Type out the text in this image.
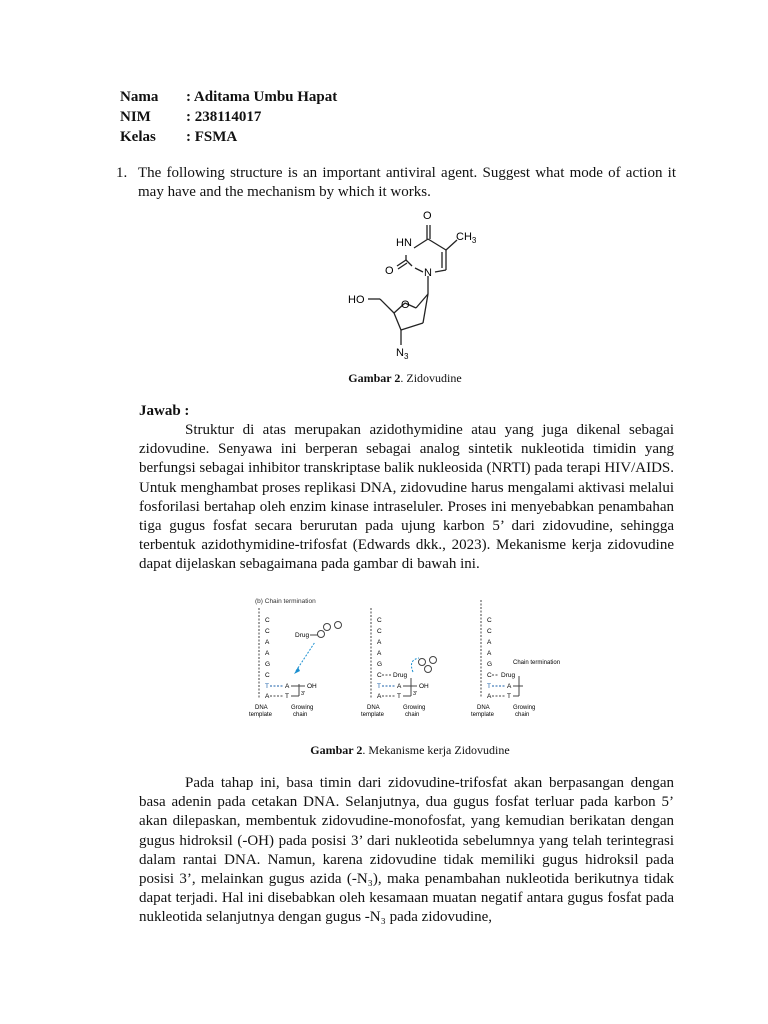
Nama	: Aditama Umbu Hapat
NIM	: 238114017
Kelas	: FSMA
1. The following structure is an important antiviral agent. Suggest what mode of action it may have and the mechanism by which it works.
O
$CH_3$
HN
O	N
HO	O
$N_3$
Gambar 2. Zidovudine
Jawab :
Struktur di atas merupakan azidothymidine atau yang juga dikenal sebagai zidovudine. Senyawa ini berperan sebagai analog sintetik nukleotida timidin yang berfungsi sebagai inhibitor transkriptase balik nukleosida (NRTI) pada terapi HIV/AIDS. Untuk menghambat proses replikasi DNA, zidovudine harus mengalami aktivasi melalui fosforilasi bertahap oleh enzim kinase intraseluler. Proses ini menyebabkan penambahan tiga gugus fosfat secara berurutan pada ujung karbon 5’ dari zidovudine, sehingga terbentuk azidothymidine-trifosfat (Edwards dkk., 2023). Mekanisme kerja zidovudine dapat dijelaskan sebagaimana pada gambar di bawah ini.
(b) Chain termination
C
C
A
A
G
C
T
A
A	OH
T 3'
Drug
DNA template
Growing chain
C
C
A
A
G
C
T
A
Drug
A	OH
T 3'
DNA template
Growing chain
C
C
A
A
G
C
T
A
Chain termination
Drug
A
T
DNA template
Growing chain
Gambar 2. Mekanisme kerja Zidovudine
Pada tahap ini, basa timin dari zidovudine-trifosfat akan berpasangan dengan basa adenin pada cetakan DNA. Selanjutnya, dua gugus fosfat terluar pada karbon 5’ akan dilepaskan, membentuk zidovudine-monofosfat, yang kemudian berikatan dengan gugus hidroksil (-OH) pada posisi 3’ dari nukleotida sebelumnya yang telah terintegrasi dalam rantai DNA. Namun, karena zidovudine tidak memiliki gugus hidroksil pada posisi 3’, melainkan gugus azida (-N₃), maka penambahan nukleotida berikutnya tidak dapat terjadi. Hal ini disebabkan oleh kesamaan muatan negatif antara gugus fosfat pada nukleotida selanjutnya dengan gugus -N₃ pada zidovudine,
